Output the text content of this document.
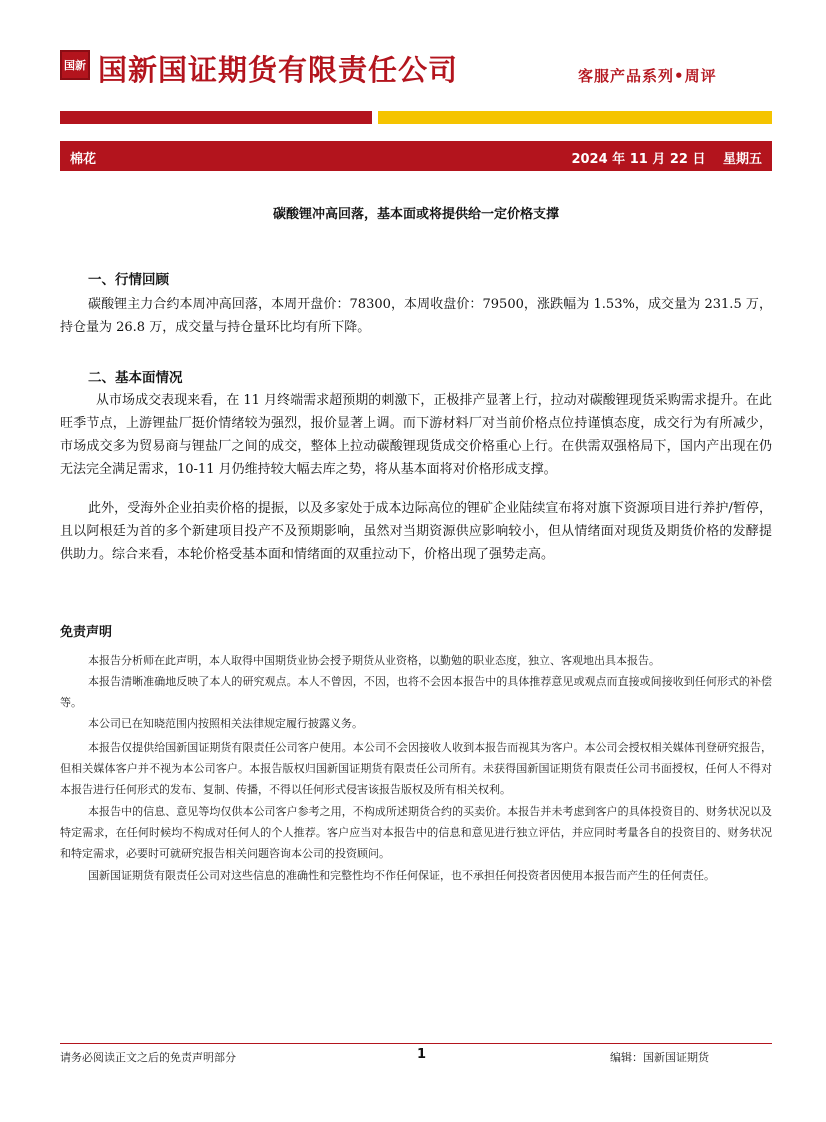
国新 国新国证期货有限责任公司	客服产品系列•周评
棉花	2024 年 11 月 22 日　 星期五
碳酸锂冲高回落，基本面或将提供给一定价格支撑
一、行情回顾

碳酸锂主力合约本周冲高回落，本周开盘价：78300，本周收盘价：79500，涨跌幅为 1.53%，成交量为 231.5 万，持仓量为 26.8 万，成交量与持仓量环比均有所下降。

二、基本面情况

从市场成交表现来看，在 11 月终端需求超预期的刺激下，正极排产显著上行，拉动对碳酸锂现货采购需求提升。在此旺季节点，上游锂盐厂挺价情绪较为强烈，报价显著上调。而下游材料厂对当前价格点位持谨慎态度，成交行为有所减少，市场成交多为贸易商与锂盐厂之间的成交，整体上拉动碳酸锂现货成交价格重心上行。在供需双强格局下，国内产出现在仍无法完全满足需求，10-11 月仍维持较大幅去库之势，将从基本面将对价格形成支撑。

此外，受海外企业拍卖价格的提振，以及多家处于成本边际高位的锂矿企业陆续宣布将对旗下资源项目进行养护/暂停，且以阿根廷为首的多个新建项目投产不及预期影响，虽然对当期资源供应影响较小，但从情绪面对现货及期货价格的发酵提供助力。综合来看，本轮价格受基本面和情绪面的双重拉动下，价格出现了强势走高。

免责声明

本报告分析师在此声明，本人取得中国期货业协会授予期货从业资格，以勤勉的职业态度，独立、客观地出具本报告。

本报告清晰准确地反映了本人的研究观点。本人不曾因，不因，也将不会因本报告中的具体推荐意见或观点而直接或间接收到任何形式的补偿等。

本公司已在知晓范围内按照相关法律规定履行披露义务。

本报告仅提供给国新国证期货有限责任公司客户使用。本公司不会因接收人收到本报告而视其为客户。本公司会授权相关媒体刊登研究报告，但相关媒体客户并不视为本公司客户。本报告版权归国新国证期货有限责任公司所有。未获得国新国证期货有限责任公司书面授权，任何人不得对本报告进行任何形式的发布、复制、传播，不得以任何形式侵害该报告版权及所有相关权利。

本报告中的信息、意见等均仅供本公司客户参考之用，不构成所述期货合约的买卖价。本报告并未考虑到客户的具体投资目的、财务状况以及特定需求，在任何时候均不构成对任何人的个人推荐。客户应当对本报告中的信息和意见进行独立评估，并应同时考量各自的投资目的、财务状况和特定需求，必要时可就研究报告相关问题咨询本公司的投资顾问。

国新国证期货有限责任公司对这些信息的准确性和完整性均不作任何保证，也不承担任何投资者因使用本报告而产生的任何责任。

请务必阅读正文之后的免责声明部分	1	编辑：国新国证期货
